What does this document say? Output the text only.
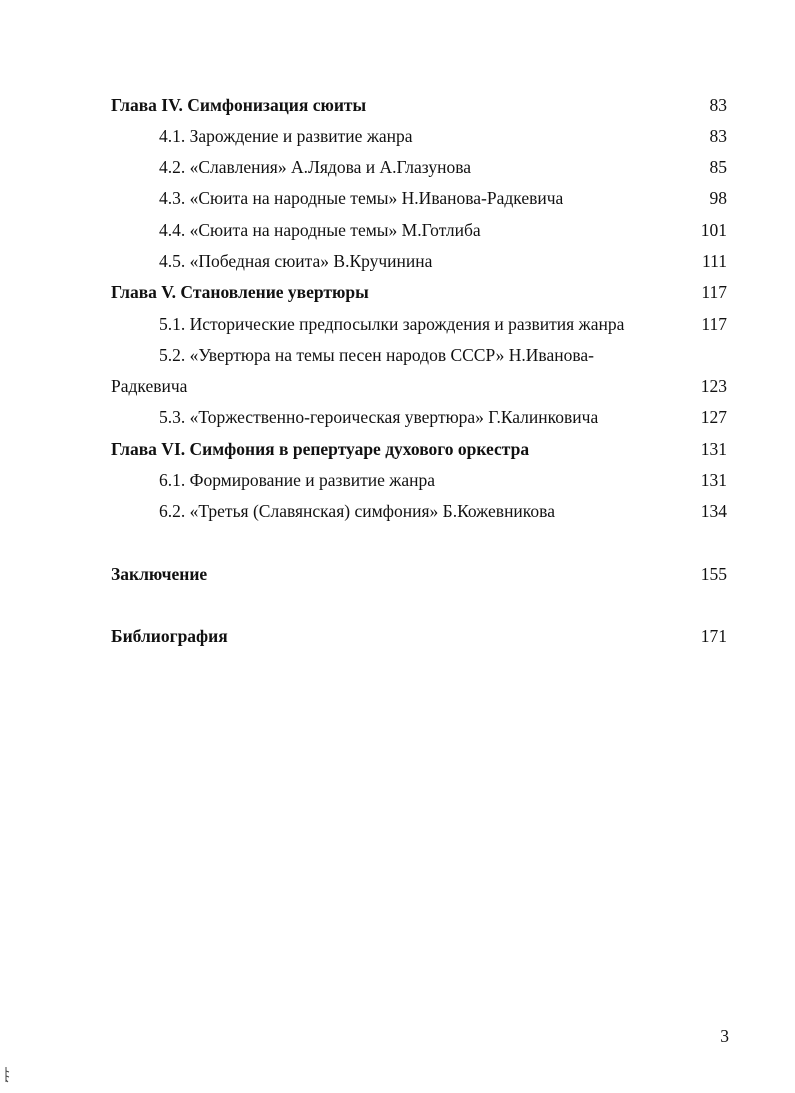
Глава IV. Симфонизация сюиты	83
4.1. Зарождение и развитие жанра	83
4.2. «Славления» А.Лядова и А.Глазунова	85
4.3. «Сюита на народные темы» Н.Иванова-Радкевича	98
4.4. «Сюита на народные темы» М.Готлиба	101
4.5. «Победная сюита» В.Кручинина	111
Глава V. Становление увертюры	117
5.1. Исторические предпосылки зарождения и развития жанра	117
5.2. «Увертюра на темы песен народов СССР» Н.Иванова-
Радкевича	123
5.3. «Торжественно-героическая увертюра» Г.Калинковича	127
Глава VI. Симфония в репертуаре духового оркестра	131
6.1. Формирование и развитие жанра	131
6.2. «Третья (Славянская) симфония» Б.Кожевникова	134
Заключение	155
Библиография	171
3
